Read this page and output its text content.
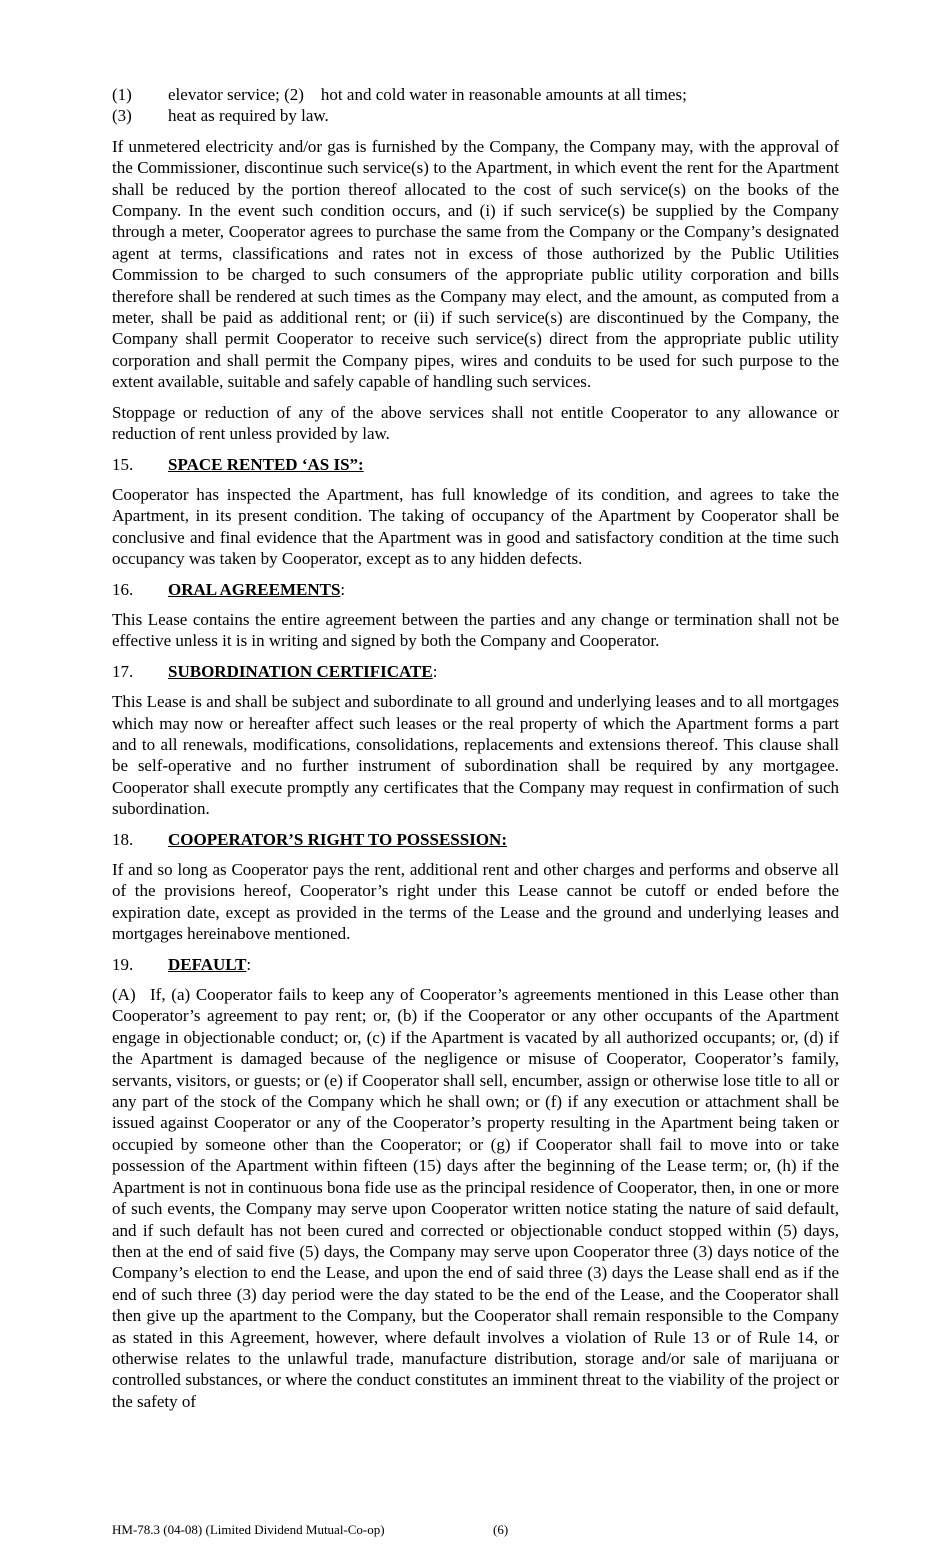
(1)	elevator service; (2)    hot and cold water in reasonable amounts at all times;
(3)	heat as required by law.

If unmetered electricity and/or gas is furnished by the Company, the Company may, with the approval of the Commissioner, discontinue such service(s) to the Apartment, in which event the rent for the Apartment shall be reduced by the portion thereof allocated to the cost of such service(s) on the books of the Company. In the event such condition occurs, and (i) if such service(s) be supplied by the Company through a meter, Cooperator agrees to purchase the same from the Company or the Company’s designated agent at terms, classifications and rates not in excess of those authorized by the Public Utilities Commission to be charged to such consumers of the appropriate public utility corporation and bills therefore shall be rendered at such times as the Company may elect, and the amount, as computed from a meter, shall be paid as additional rent; or (ii) if such service(s) are discontinued by the Company, the Company shall permit Cooperator to receive such service(s) direct from the appropriate public utility corporation and shall permit the Company pipes, wires and conduits to be used for such purpose to the extent available, suitable and safely capable of handling such services.

Stoppage or reduction of any of the above services shall not entitle Cooperator to any allowance or reduction of rent unless provided by law.

15.	SPACE RENTED ‘AS IS”:

Cooperator has inspected the Apartment, has full knowledge of its condition, and agrees to take the Apartment, in its present condition. The taking of occupancy of the Apartment by Cooperator shall be conclusive and final evidence that the Apartment was in good and satisfactory condition at the time such occupancy was taken by Cooperator, except as to any hidden defects.

16.	ORAL AGREEMENTS :

This Lease contains the entire agreement between the parties and any change or termination shall not be effective unless it is in writing and signed by both the Company and Cooperator.

17.	SUBORDINATION CERTIFICATE :

This Lease is and shall be subject and subordinate to all ground and underlying leases and to all mortgages which may now or hereafter affect such leases or the real property of which the Apartment forms a part and to all renewals, modifications, consolidations, replacements and extensions thereof. This clause shall be self-operative and no further instrument of subordination shall be required by any mortgagee. Cooperator shall execute promptly any certificates that the Company may request in confirmation of such subordination.

18.	COOPERATOR’S RIGHT TO POSSESSION:

If and so long as Cooperator pays the rent, additional rent and other charges and performs and observe all of the provisions hereof, Cooperator’s right under this Lease cannot be cutoff or ended before the expiration date, except as provided in the terms of the Lease and the ground and underlying leases and mortgages hereinabove mentioned.

19.	DEFAULT :

(A) If, (a) Cooperator fails to keep any of Cooperator’s agreements mentioned in this Lease other than Cooperator’s agreement to pay rent; or, (b) if the Cooperator or any other occupants of the Apartment engage in objectionable conduct; or, (c) if the Apartment is vacated by all authorized occupants; or, (d) if the Apartment is damaged because of the negligence or misuse of Cooperator, Cooperator’s family, servants, visitors, or guests; or (e) if Cooperator shall sell, encumber, assign or otherwise lose title to all or any part of the stock of the Company which he shall own; or (f) if any execution or attachment shall be issued against Cooperator or any of the Cooperator’s property resulting in the Apartment being taken or occupied by someone other than the Cooperator; or (g) if Cooperator shall fail to move into or take possession of the Apartment within fifteen (15) days after the beginning of the Lease term; or, (h) if the Apartment is not in continuous bona fide use as the principal residence of Cooperator, then, in one or more of such events, the Company may serve upon Cooperator written notice stating the nature of said default, and if such default has not been cured and corrected or objectionable conduct stopped within (5) days, then at the end of said five (5) days, the Company may serve upon Cooperator three (3) days notice of the Company’s election to end the Lease, and upon the end of said three (3) days the Lease shall end as if the end of such three (3) day period were the day stated to be the end of the Lease, and the Cooperator shall then give up the apartment to the Company, but the Cooperator shall remain responsible to the Company as stated in this Agreement, however, where default involves a violation of Rule 13 or of Rule 14, or otherwise relates to the unlawful trade, manufacture distribution, storage and/or sale of marijuana or controlled substances, or where the conduct constitutes an imminent threat to the viability of the project or the safety of

HM-78.3 (04-08) (Limited Dividend Mutual-Co-op)	(6)
